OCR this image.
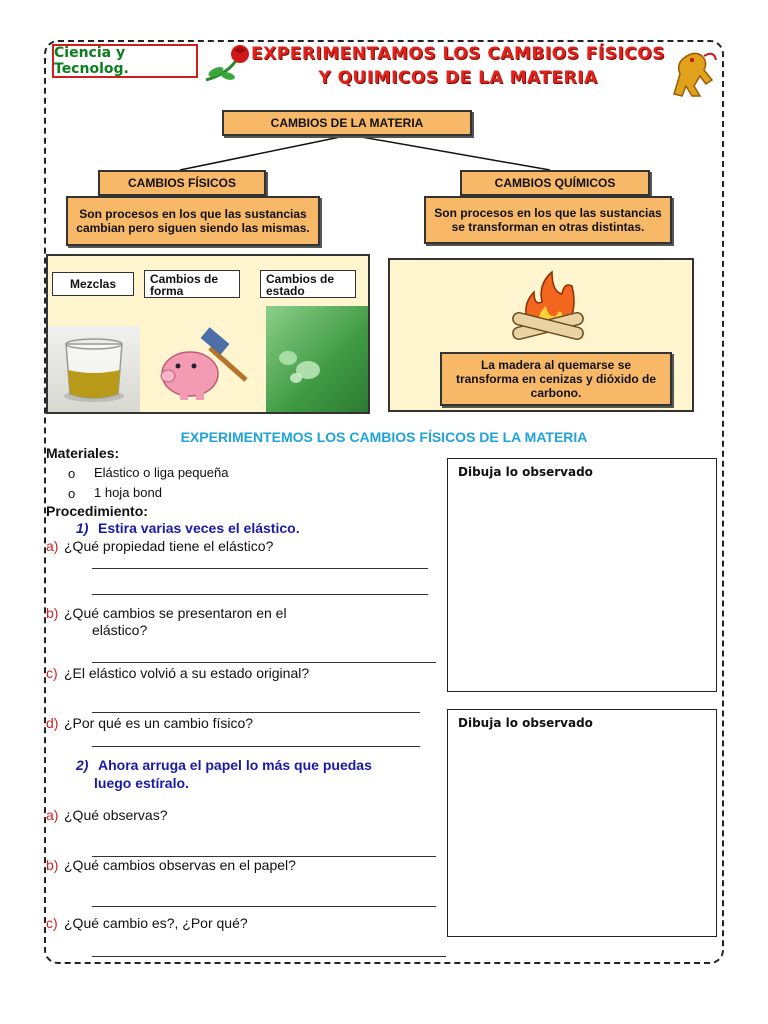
Ciencia y Tecnolog.
EXPERIMENTAMOS LOS CAMBIOS FÍSICOS
Y QUIMICOS DE LA MATERIA
CAMBIOS DE LA MATERIA
CAMBIOS FÍSICOS	CAMBIOS QUÍMICOS
Son procesos en los que las sustancias cambian pero siguen siendo las mismas.
Son procesos en los que las sustancias se transforman en otras distintas.
Mezclas	Cambios de forma
Cambios de estado
La madera al quemarse se transforma en cenizas y dióxido de carbono.
EXPERIMENTEMOS LOS CAMBIOS FÍSICOS DE LA MATERIA
Materiales:
o Elástico o liga pequeña
o 1 hoja bond
Procedimiento:
1) Estira varias veces el elástico.
a) ¿Qué propiedad tiene el elástico?
b) ¿Qué cambios se presentaron en el
elástico?
c) ¿El elástico volvió a su estado original?
d) ¿Por qué es un cambio físico?
2) Ahora arruga el papel lo más que puedas
luego estíralo.
a) ¿Qué observas?
b) ¿Qué cambios observas en el papel?
c) ¿Qué cambio es?, ¿Por qué?
Dibuja lo observado
Dibuja lo observado
